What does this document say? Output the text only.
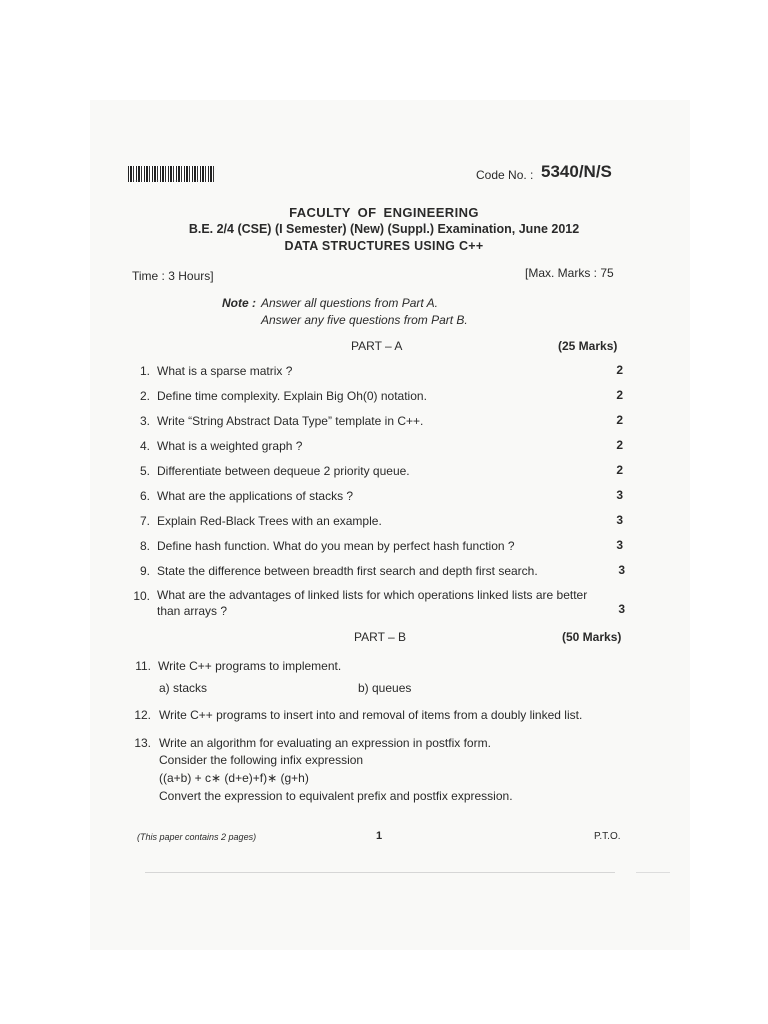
Code No. : 5340/N/S
FACULTY OF ENGINEERING
B.E. 2/4 (CSE) (I Semester) (New) (Suppl.) Examination, June 2012
DATA STRUCTURES USING C++
Time : 3 Hours]	[Max. Marks : 75
Note : Answer all questions from Part A.
Answer any five questions from Part B.
PART – A	(25 Marks)
1. What is a sparse matrix ?	2
2. Define time complexity. Explain Big Oh(0) notation.	2
3. Write “String Abstract Data Type” template in C++.	2
4. What is a weighted graph ?	2
5. Differentiate between dequeue 2 priority queue.	2
6. What are the applications of stacks ?	3
7. Explain Red-Black Trees with an example.	3
8. Define hash function. What do you mean by perfect hash function ?	3
9. State the difference between breadth first search and depth first search.	3
10. What are the advantages of linked lists for which operations linked lists are better
than arrays ?	3
PART – B	(50 Marks)
11. Write C++ programs to implement.
a) stacks	b) queues
12. Write C++ programs to insert into and removal of items from a doubly linked list.
13. Write an algorithm for evaluating an expression in postfix form.
Consider the following infix expression
((a+b) + c∗ (d+e)+f)∗ (g+h)
Convert the expression to equivalent prefix and postfix expression.
(This paper contains 2 pages)	1	P.T.O.
